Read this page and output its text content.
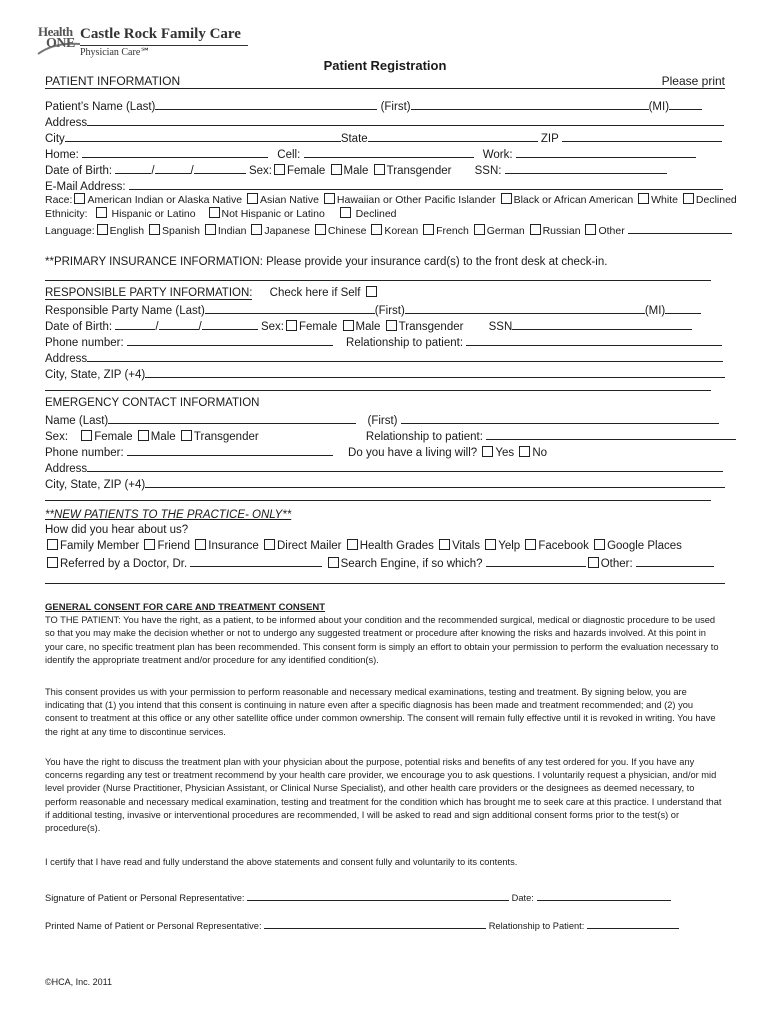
Health
ONE
Castle Rock Family Care
Physician Care℠
Patient Registration
PATIENT INFORMATION	Please print
Patient’s Name (Last)	(First)	(MI)
Address
City	State	ZIP
Home:	Cell:	Work:
Date of Birth:	/	/	Sex: Female Male Transgender SSN:
E-Mail Address:
Race: American Indian or Alaska Native Asian Native Hawaiian or Other Pacific Islander Black or African American White Declined
Ethnicity: Hispanic or Latino Not Hispanic or Latino	Declined
Language: English Spanish Indian Japanese Chinese Korean French German Russian Other
**PRIMARY INSURANCE INFORMATION: Please provide your insurance card(s) to the front desk at check-in.
RESPONSIBLE PARTY INFORMATION: Check here if Self
Responsible Party Name (Last)	(First)	(MI)
Date of Birth:	/	/	Sex: Female Male Transgender SSN
Phone number:	Relationship to patient:
Address
City, State, ZIP (+4)
EMERGENCY CONTACT INFORMATION
Name (Last)	(First)
Sex: Female Male Transgender	Relationship to patient:
Phone number:	Do you have a living will? Yes No
Address
City, State, ZIP (+4)
**NEW PATIENTS TO THE PRACTICE- ONLY**
How did you hear about us?
Family Member Friend Insurance Direct Mailer Health Grades Vitals Yelp Facebook Google Places
Referred by a Doctor, Dr.	Search Engine, if so which?	Other:

GENERAL CONSENT FOR CARE AND TREATMENT CONSENT

TO THE PATIENT: You have the right, as a patient, to be informed about your condition and the recommended surgical, medical or diagnostic procedure to be used so that you may make the decision whether or not to undergo any suggested treatment or procedure after knowing the risks and hazards involved. At this point in your care, no specific treatment plan has been recommended. This consent form is simply an effort to obtain your permission to perform the evaluation necessary to identify the appropriate treatment and/or procedure for any identified condition(s).

This consent provides us with your permission to perform reasonable and necessary medical examinations, testing and treatment. By signing below, you are indicating that (1) you intend that this consent is continuing in nature even after a specific diagnosis has been made and treatment recommended; and (2) you consent to treatment at this office or any other satellite office under common ownership. The consent will remain fully effective until it is revoked in writing. You have the right at any time to discontinue services.
You have the right to discuss the treatment plan with your physician about the purpose, potential risks and benefits of any test ordered for you. If you have any concerns regarding any test or treatment recommend by your health care provider, we encourage you to ask questions. I voluntarily request a physician, and/or mid level provider (Nurse Practitioner, Physician Assistant, or Clinical Nurse Specialist), and other health care providers or the designees as deemed necessary, to perform reasonable and necessary medical examination, testing and treatment for the condition which has brought me to seek care at this practice. I understand that if additional testing, invasive or interventional procedures are recommended, I will be asked to read and sign additional consent forms prior to the test(s) or procedure(s).
I certify that I have read and fully understand the above statements and consent fully and voluntarily to its contents.
Signature of Patient or Personal Representative:	Date:
Printed Name of Patient or Personal Representative:	Relationship to Patient:
©HCA, Inc. 2011
